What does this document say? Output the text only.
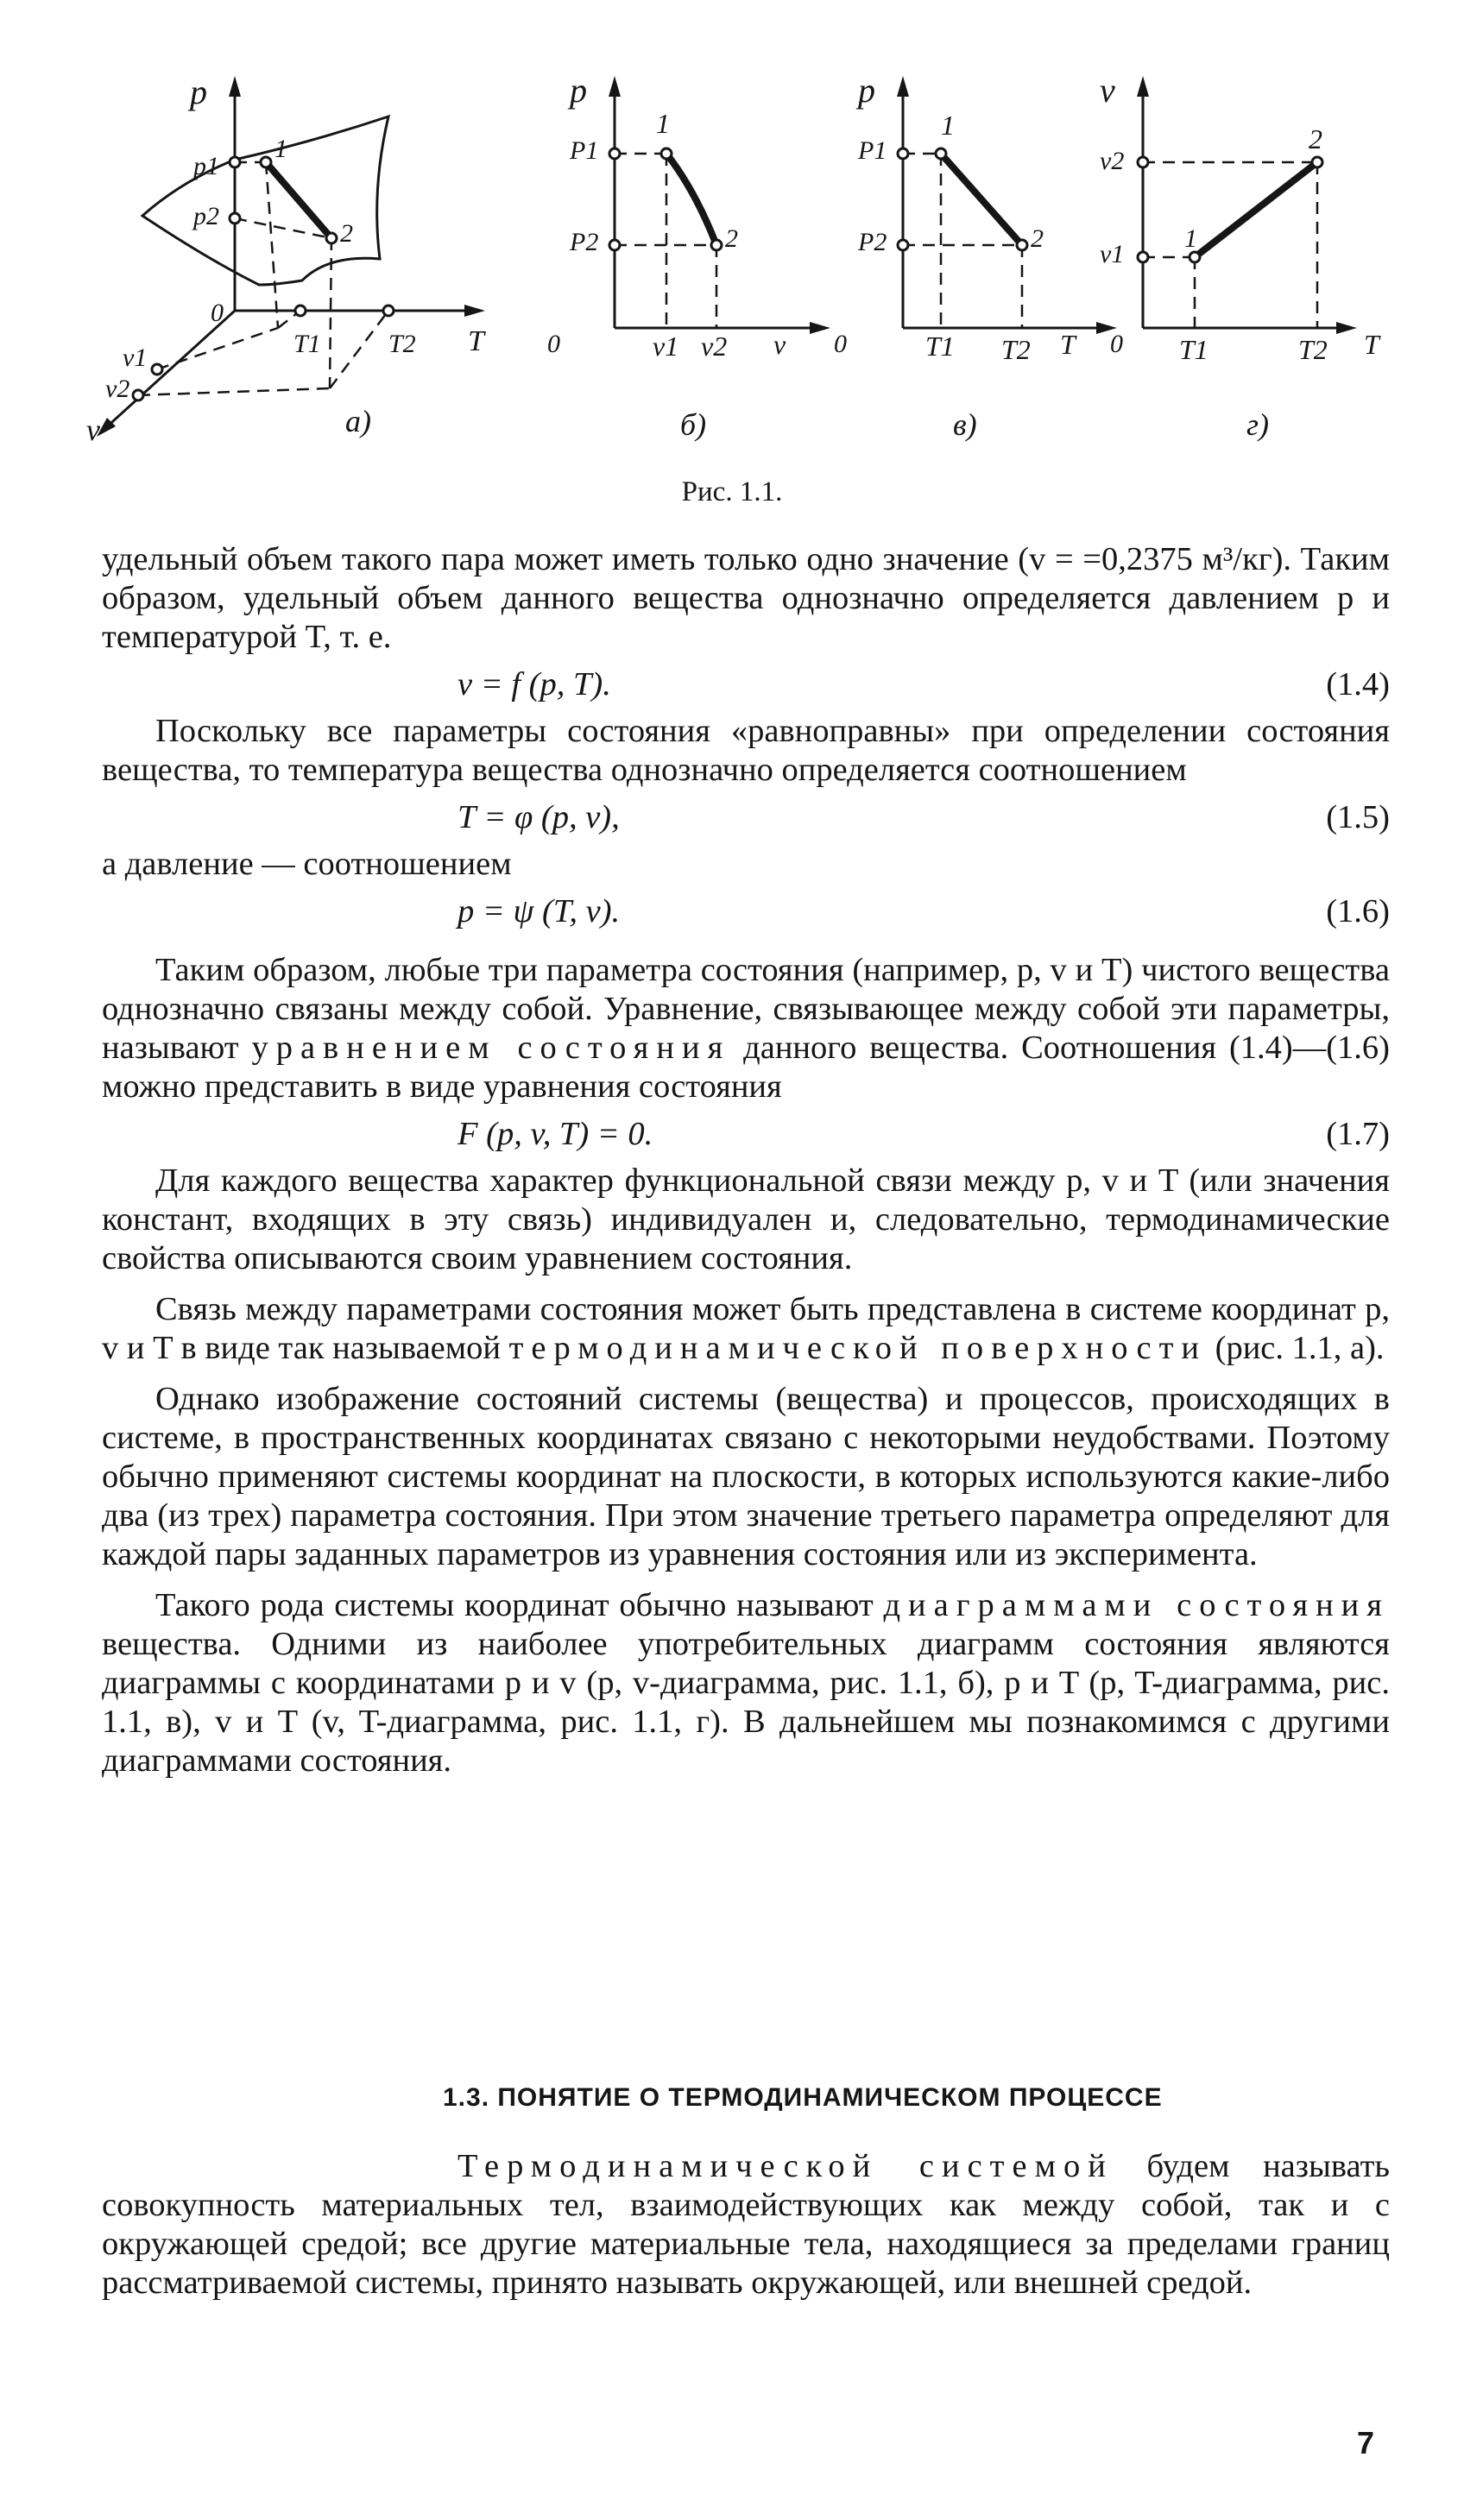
p
p1
p2
1
2
0
v1
v2
v
T1	T2 T
а)
p
P1
P2
1
2
0	v1 v2 v
б)
p
P1
P2
1
2
0	T1 T2 T
в)
v
v2
v1
1
2
0 T1	T2 T
г)
Рис. 1.1.

удельный объем такого пара может иметь только одно значение (v = =0,2375 м³/кг). Таким образом, удельный объем данного вещества однозначно определяется давлением p и температурой T, т. е.

v = f (p, T).	(1.4)

Поскольку все параметры состояния «равноправны» при определении состояния вещества, то температура вещества однозначно определяется соотношением

T = φ (p, v),	(1.5)

а давление — соотношением

p = ψ (T, v).	(1.6)

Таким образом, любые три параметра состояния (например, p, v и T) чистого вещества однозначно связаны между собой. Уравнение, связывающее между собой эти параметры, называют уравнением состояния данного вещества. Соотношения (1.4)—(1.6) можно представить в виде уравнения состояния

F (p, v, T) = 0.	(1.7)

Для каждого вещества характер функциональной связи между p, v и T (или значения констант, входящих в эту связь) индивидуален и, следовательно, термодинамические свойства описываются своим уравнением состояния.

Связь между параметрами состояния может быть представлена в системе координат p, v и T в виде так называемой термодинамической поверхности (рис. 1.1, а).

Однако изображение состояний системы (вещества) и процессов, происходящих в системе, в пространственных координатах связано с некоторыми неудобствами. Поэтому обычно применяют системы координат на плоскости, в которых используются какие-либо два (из трех) параметра состояния. При этом значение третьего параметра определяют для каждой пары заданных параметров из уравнения состояния или из эксперимента.

Такого рода системы координат обычно называют диаграммами состояния вещества. Одними из наиболее употребительных диаграмм состояния являются диаграммы с координатами p и v (p, v-диаграмма, рис. 1.1, б), p и T (p, T-диаграмма, рис. 1.1, в), v и T (v, T-диаграмма, рис. 1.1, г). В дальнейшем мы познакомимся с другими диаграммами состояния.

1.3. ПОНЯТИЕ О ТЕРМОДИНАМИЧЕСКОМ ПРОЦЕССЕ

Термодинамической системой будем называть совокупность материальных тел, взаимодействующих как между собой, так и с окружающей средой; все другие материальные тела, находящиеся за пределами границ рассматриваемой системы, принято называть окружающей, или внешней средой.

7
